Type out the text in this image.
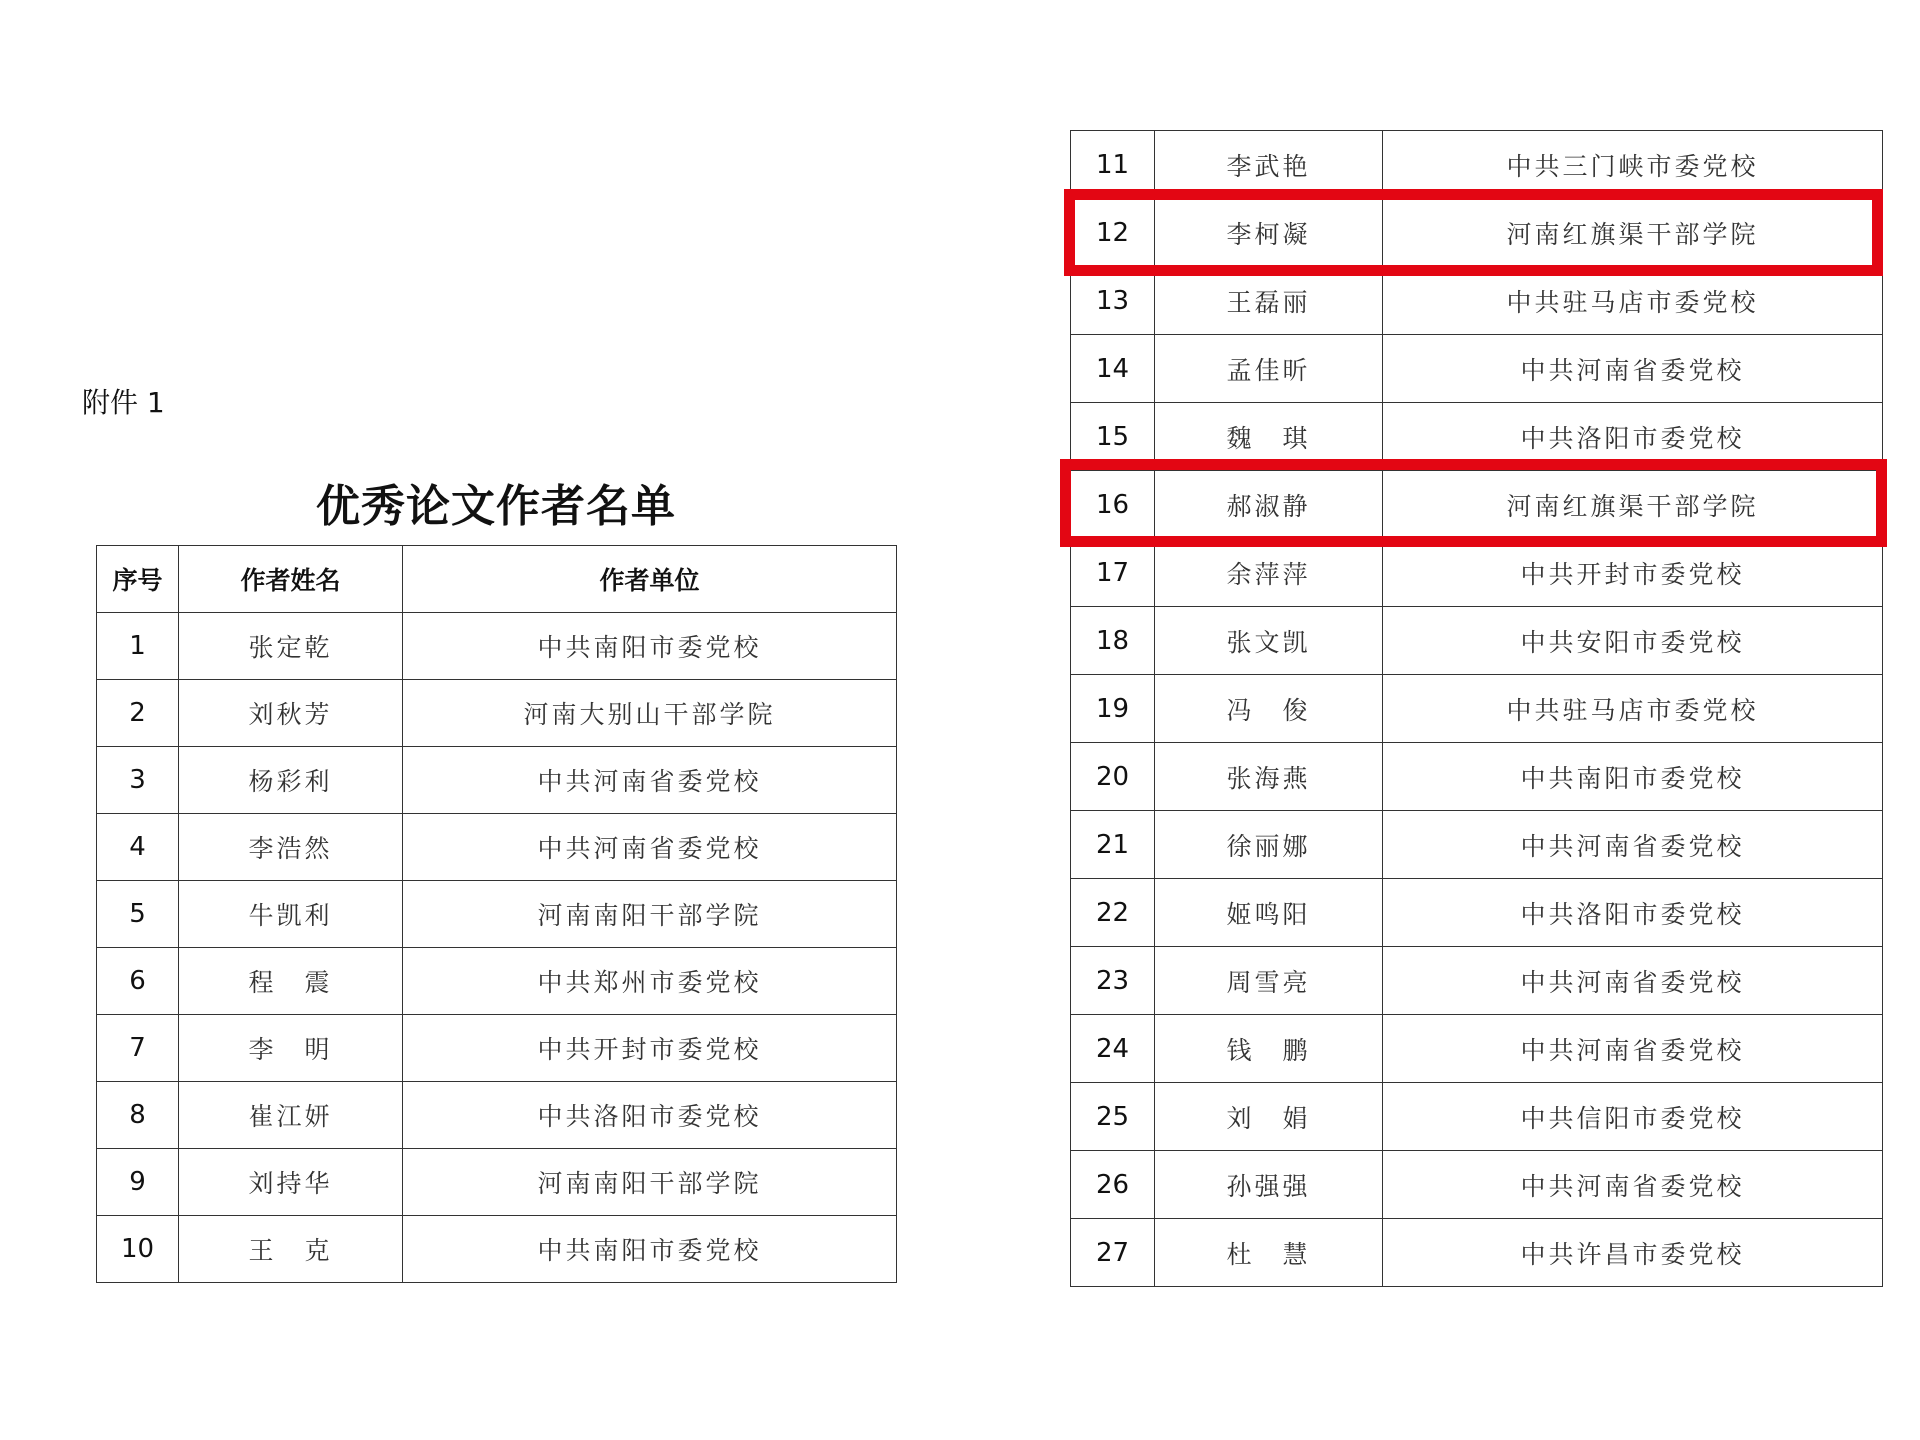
附件 1
优秀论文作者名单
序号	作者姓名	作者单位
1	张定乾	中共南阳市委党校
2	刘秋芳	河南大别山干部学院
3	杨彩利	中共河南省委党校
4	李浩然	中共河南省委党校
5	牛凯利	河南南阳干部学院
6	程　震	中共郑州市委党校
7	李　明	中共开封市委党校
8	崔江妍	中共洛阳市委党校
9	刘持华	河南南阳干部学院
10	王　克	中共南阳市委党校
11	李武艳	中共三门峡市委党校
12	李柯凝	河南红旗渠干部学院
13	王磊丽	中共驻马店市委党校
14	孟佳昕	中共河南省委党校
15	魏　琪	中共洛阳市委党校
16	郝淑静	河南红旗渠干部学院
17	余萍萍	中共开封市委党校
18	张文凯	中共安阳市委党校
19	冯　俊	中共驻马店市委党校
20	张海燕	中共南阳市委党校
21	徐丽娜	中共河南省委党校
22	姬鸣阳	中共洛阳市委党校
23	周雪亮	中共河南省委党校
24	钱　鹏	中共河南省委党校
25	刘　娟	中共信阳市委党校
26	孙强强	中共河南省委党校
27	杜　慧	中共许昌市委党校
